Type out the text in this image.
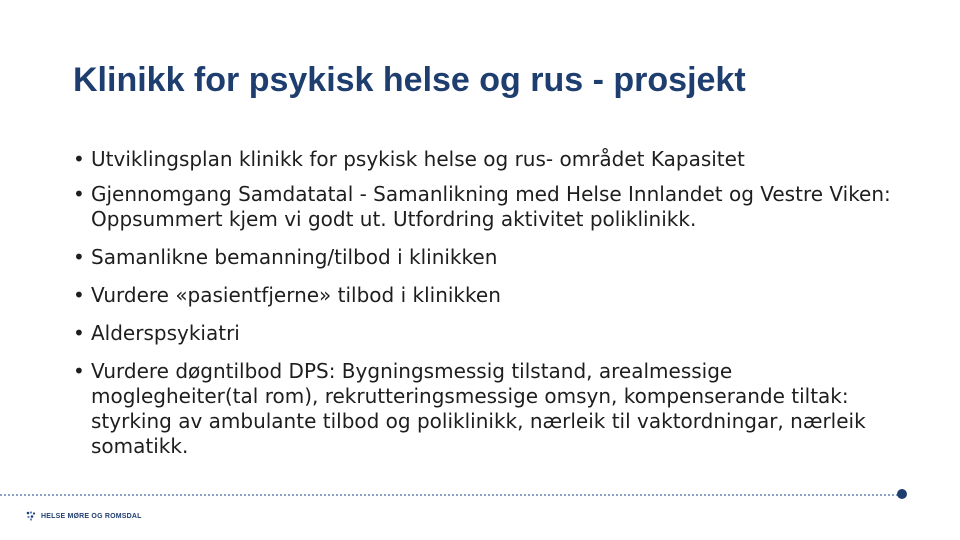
Klinikk for psykisk helse og rus - prosjekt
• Utviklingsplan klinikk for psykisk helse og rus- området Kapasitet
• Gjennomgang Samdatatal - Samanlikning med Helse Innlandet og Vestre Viken: Oppsummert kjem vi godt ut. Utfordring aktivitet poliklinikk.
• Samanlikne bemanning/tilbod i klinikken
• Vurdere «pasientfjerne» tilbod i klinikken
• Alderspsykiatri
• Vurdere døgntilbod DPS: Bygningsmessig tilstand, arealmessige moglegheiter(tal rom), rekrutteringsmessige omsyn, kompenserande tiltak: styrking av ambulante tilbod og poliklinikk, nærleik til vaktordningar, nærleik somatikk.
HELSE MØRE OG ROMSDAL
